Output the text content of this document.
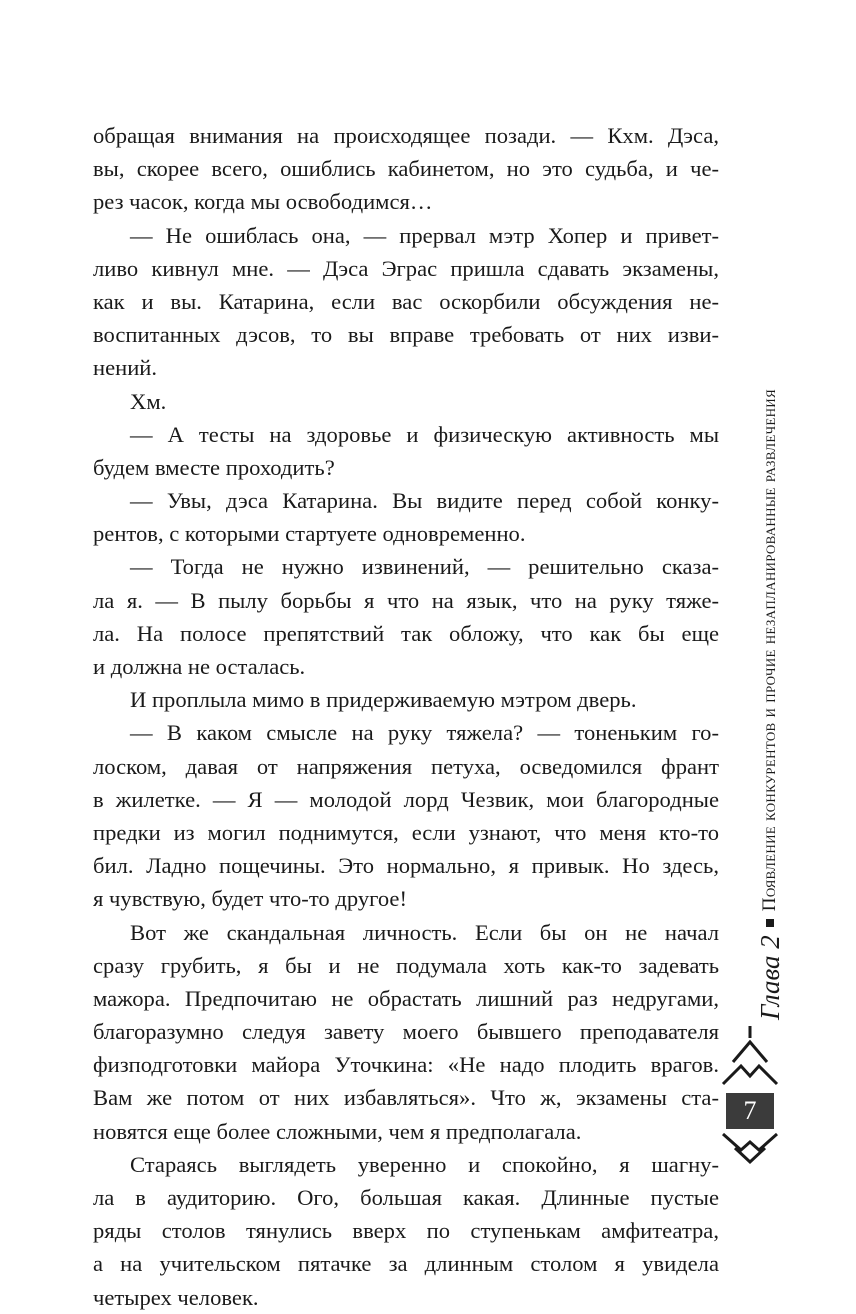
обращая внимания на происходящее позади. — Кхм. Дэса,
вы, скорее всего, ошиблись кабинетом, но это судьба, и че-
рез часок, когда мы освободимся…
— Не ошиблась она, — прервал мэтр Хопер и привет-
ливо кивнул мне. — Дэса Эграс пришла сдавать экзамены,
как и вы. Катарина, если вас оскорбили обсуждения не-
воспитанных дэсов, то вы вправе требовать от них изви-
нений.
Хм.
— А тесты на здоровье и физическую активность мы
будем вместе проходить?
— Увы, дэса Катарина. Вы видите перед собой конку-
рентов, с которыми стартуете одновременно.
— Тогда не нужно извинений, — решительно сказа-
ла я. — В пылу борьбы я что на язык, что на руку тяже-
ла. На полосе препятствий так обложу, что как бы еще
и должна не осталась.
И проплыла мимо в придерживаемую мэтром дверь.
— В каком смысле на руку тяжела? — тоненьким го-
лоском, давая от напряжения петуха, осведомился франт
в жилетке. — Я — молодой лорд Чезвик, мои благородные
предки из могил поднимутся, если узнают, что меня кто-то
бил. Ладно пощечины. Это нормально, я привык. Но здесь,
я чувствую, будет что-то другое!
Вот же скандальная личность. Если бы он не начал
сразу грубить, я бы и не подумала хоть как-то задевать
мажора. Предпочитаю не обрастать лишний раз недругами,
благоразумно следуя завету моего бывшего преподавателя
физподготовки майора Уточкина: «Не надо плодить врагов.
Вам же потом от них избавляться». Что ж, экзамены ста-
новятся еще более сложными, чем я предполагала.
Стараясь выглядеть уверенно и спокойно, я шагну-
ла в аудиторию. Ого, большая какая. Длинные пустые
ряды столов тянулись вверх по ступенькам амфитеатра,
а на учительском пятачке за длинным столом я увидела
четырех человек.
Глава 2
Появление конкурентов и прочие незапланированные развлечения
7
